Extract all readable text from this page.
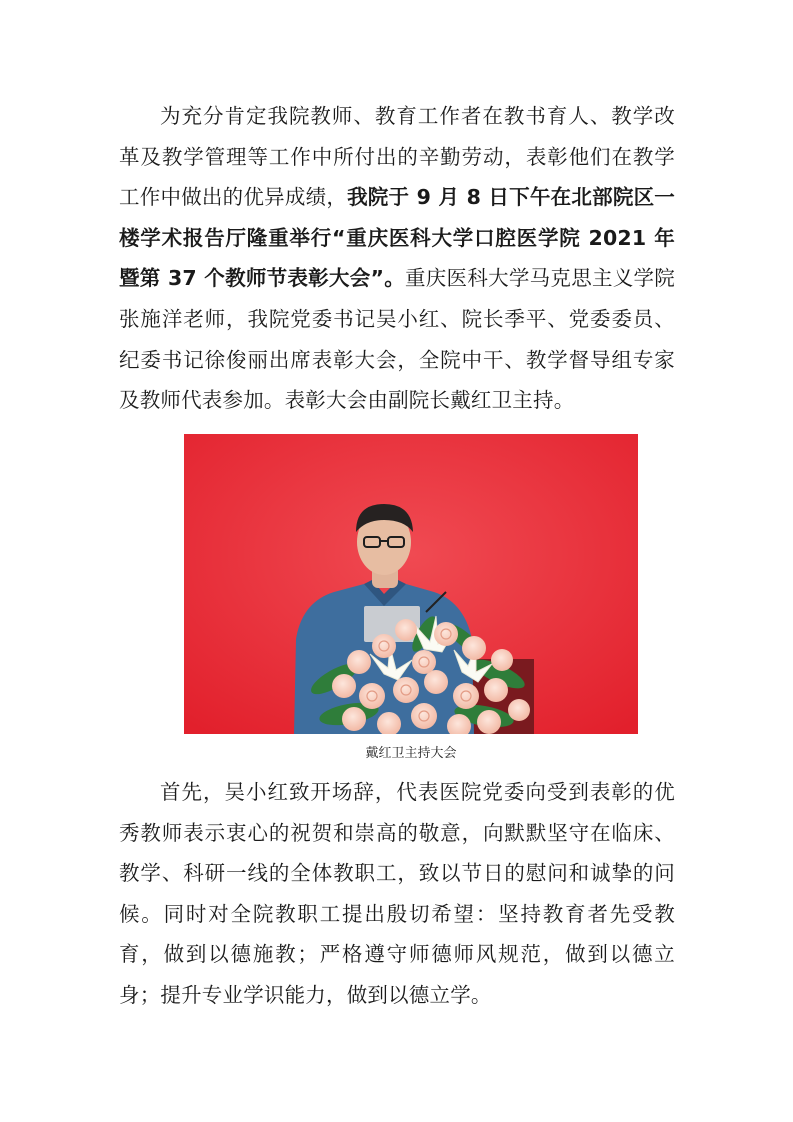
为充分肯定我院教师、教育工作者在教书育人、教学改革及教学管理等工作中所付出的辛勤劳动，表彰他们在教学工作中做出的优异成绩，我院于 9 月 8 日下午在北部院区一楼学术报告厅隆重举行“重庆医科大学口腔医学院 2021 年暨第 37 个教师节表彰大会”。重庆医科大学马克思主义学院张施洋老师，我院党委书记吴小红、院长季平、党委委员、纪委书记徐俊丽出席表彰大会，全院中干、教学督导组专家及教师代表参加。表彰大会由副院长戴红卫主持。

戴红卫主持大会

首先，吴小红致开场辞，代表医院党委向受到表彰的优秀教师表示衷心的祝贺和崇高的敬意，向默默坚守在临床、教学、科研一线的全体教职工，致以节日的慰问和诚挚的问候。同时对全院教职工提出殷切希望：坚持教育者先受教育，做到以德施教；严格遵守师德师风规范，做到以德立身；提升专业学识能力，做到以德立学。
